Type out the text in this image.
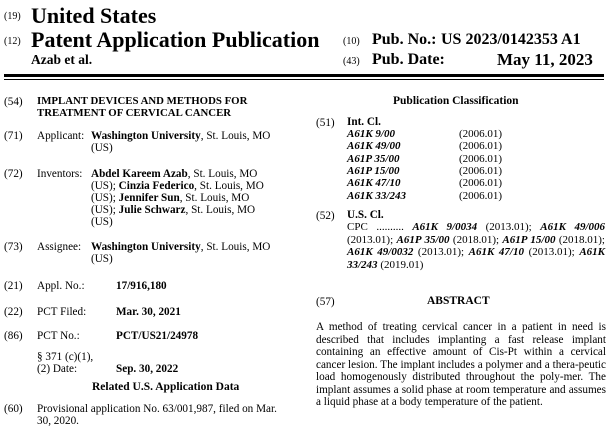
(19) United States
(12) Patent Application Publication
Azab et al.
(10) Pub. No.: US 2023/0142353 A1
(43) Pub. Date:	May 11, 2023
(54) IMPLANT DEVICES AND METHODS FOR
TREATMENT OF CERVICAL CANCER
(71) Applicant: Washington University, St. Louis, MO
(US)
(72) Inventors: Abdel Kareem Azab, St. Louis, MO
(US); Cinzia Federico, St. Louis, MO
(US); Jennifer Sun, St. Louis, MO
(US); Julie Schwarz, St. Louis, MO
(US)
(73) Assignee: Washington University, St. Louis, MO
(US)
(21) Appl. No.:	17/916,180
(22) PCT Filed:	Mar. 30, 2021
(86) PCT No.:	PCT/US21/24978
§ 371 (c)(1),
(2) Date:	Sep. 30, 2022
Related U.S. Application Data
(60) Provisional application No. 63/001,987, filed on Mar.
30, 2020.
Publication Classification
(51) Int. Cl.
A61K 9/00	(2006.01)
A61K 49/00	(2006.01)
A61P 35/00	(2006.01)
A61P 15/00	(2006.01)
A61K 47/10	(2006.01)
A61K 33/243	(2006.01)
(52) U.S. Cl.
CPC .......... A61K 9/0034 (2013.01); A61K 49/006 (2013.01); A61P 35/00 (2018.01); A61P 15/00 (2018.01); A61K 49/0032 (2013.01); A61K 47/10 (2013.01); A61K 33/243 (2019.01)
(57)	ABSTRACT
A method of treating cervical cancer in a patient in need is described that includes implanting a fast release implant containing an effective amount of Cis-Pt within a cervical cancer lesion. The implant includes a polymer and a thera-peutic load homogenously distributed throughout the poly-mer. The implant assumes a solid phase at room temperature and assumes a liquid phase at a body temperature of the patient.
